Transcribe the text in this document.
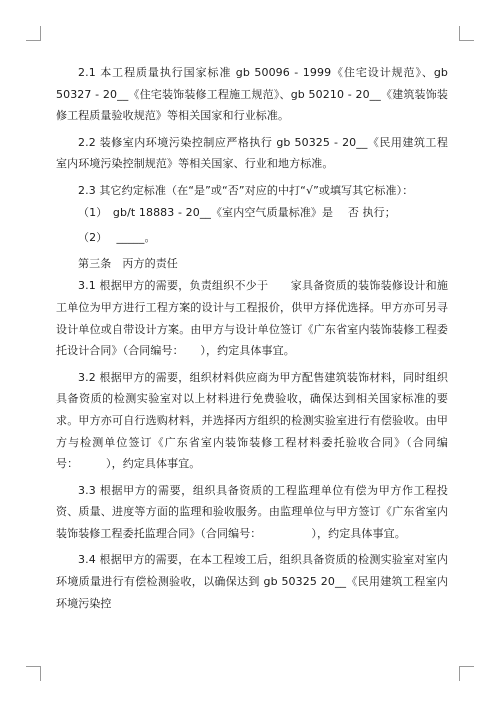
2.1 本工程质量执行国家标准 gb 50096 - 1999《住宅设计规范》、gb 50327 - 20__《住宅装饰装修工程施工规范》、gb 50210 - 20__《建筑装饰装修工程质量验收规范》等相关国家和行业标准。

2.2 装修室内环境污染控制应严格执行 gb 50325 - 20__《民用建筑工程室内环境污染控制规范》等相关国家、行业和地方标准。

2.3 其它约定标准（在“是”或“否”对应的中打“√”或填写其它标准）：

（1）　gb/t 18883 - 20__《室内空气质量标准》是　 否 执行；
（2）　 _____。

第三条　丙方的责任

3.1 根据甲方的需要，负责组织不少于　　家具备资质的装饰装修设计和施工单位为甲方进行工程方案的设计与工程报价，供甲方择优选择。甲方亦可另寻设计单位或自带设计方案。由甲方与设计单位签订《广东省室内装饰装修工程委托设计合同》（合同编号：　　），约定具体事宜。

3.2 根据甲方的需要，组织材料供应商为甲方配售建筑装饰材料，同时组织具备资质的检测实验室对以上材料进行免费验收，确保达到相关国家标准的要求。甲方亦可自行选购材料，并选择丙方组织的检测实验室进行有偿验收。由甲方与检测单位签订《广东省室内装饰装修工程材料委托验收合同》（合同编号：　　　），约定具体事宜。

3.3 根据甲方的需要，组织具备资质的工程监理单位有偿为甲方作工程投资、质量、进度等方面的监理和验收服务。由监理单位与甲方签订《广东省室内装饰装修工程委托监理合同》（合同编号：　　　　　），约定具体事宜。

3.4 根据甲方的需要，在本工程竣工后，组织具备资质的检测实验室对室内环境质量进行有偿检测验收，以确保达到 gb 50325 20__《民用建筑工程室内环境污染控
